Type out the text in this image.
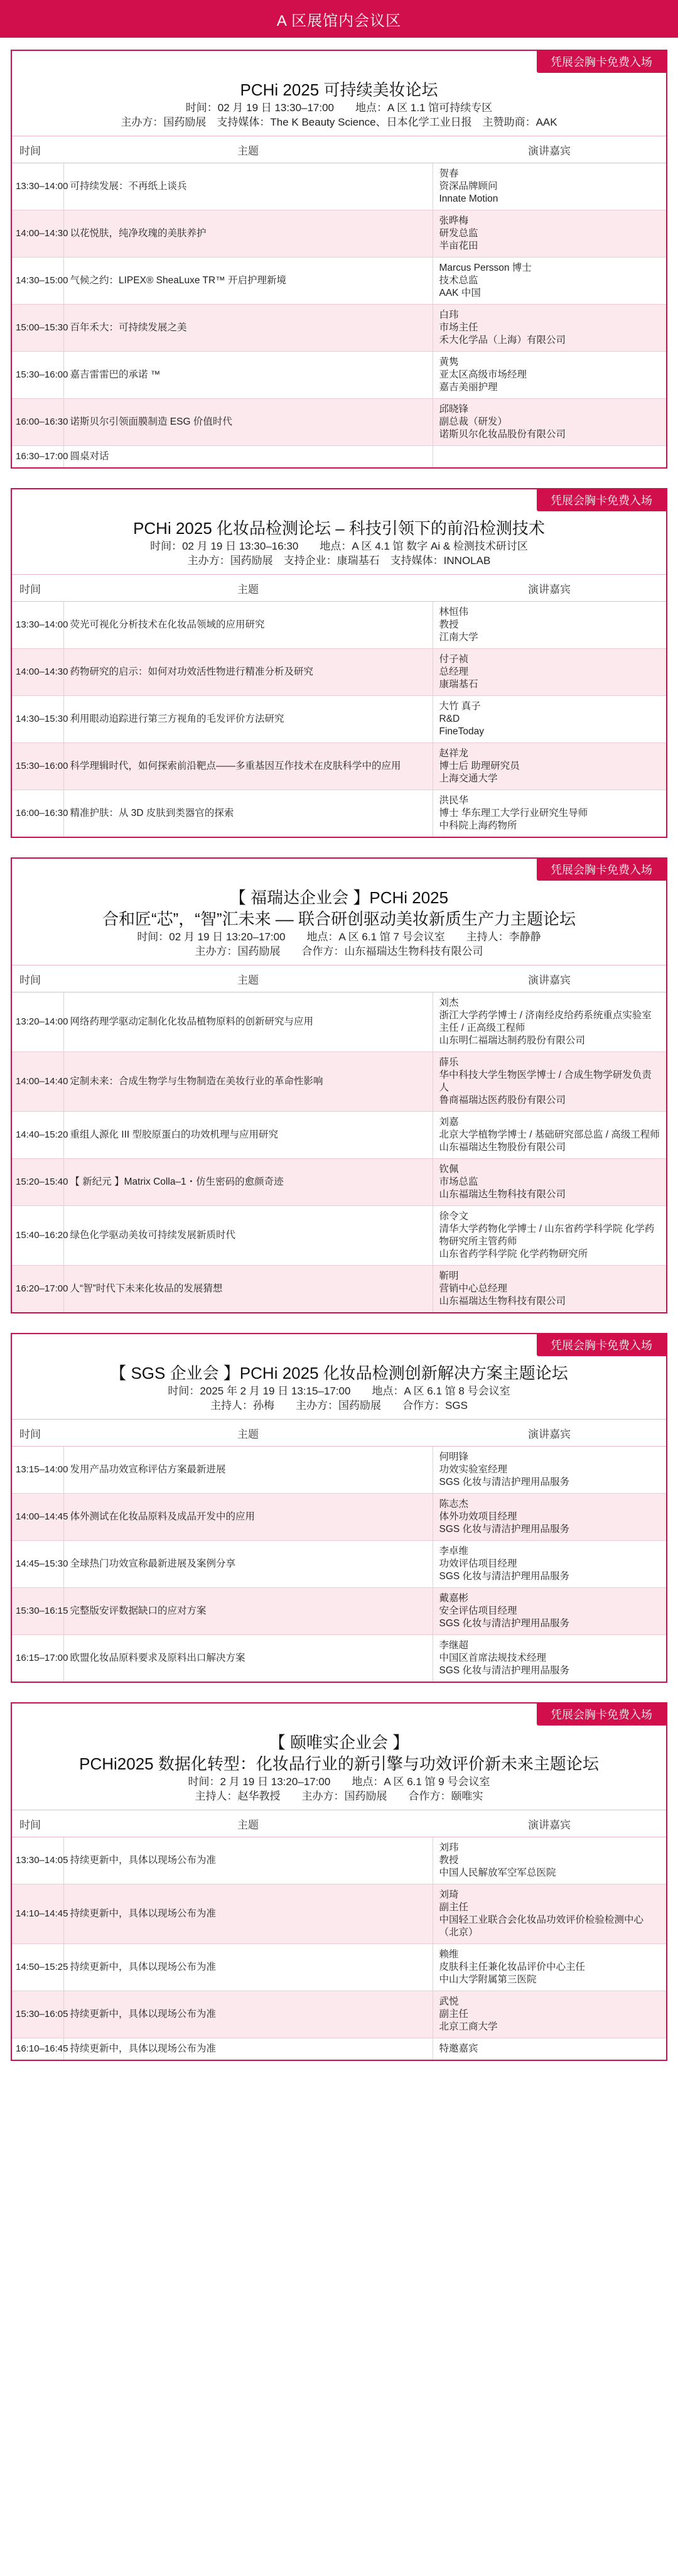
A 区展馆内会议区
凭展会胸卡免费入场
PCHi 2025 可持续美妆论坛
时间：02 月 19 日 13:30–17:00　　地点：A 区 1.1 馆可持续专区
主办方：国药励展　支持媒体：The K Beauty Science、日本化学工业日报　主赞助商：AAK
时间	主题	演讲嘉宾
13:30–14:00	可持续发展：不再纸上谈兵	贺春
资深品牌顾问
Innate Motion

14:00–14:30	以花悦肤，纯净玫瑰的美肤养护	张晔梅
研发总监
半亩花田

14:30–15:00	气候之约：LIPEX® SheaLuxe TR™ 开启护理新境	Marcus Persson 博士
技术总监
AAK 中国

15:00–15:30	百年禾大：可持续发展之美	白玮
市场主任
禾大化学品（上海）有限公司

15:30–16:00	嘉吉雷雷巴的承诺 ™	黄隽
亚太区高级市场经理
嘉吉美丽护理

16:00–16:30	诺斯贝尔引领面膜制造 ESG 价值时代	邱晓锋
副总裁（研发）
诺斯贝尔化妆品股份有限公司

16:30–17:00	圆桌对话	
凭展会胸卡免费入场
PCHi 2025 化妆品检测论坛 – 科技引领下的前沿检测技术
时间：02 月 19 日 13:30–16:30　　地点：A 区 4.1 馆 数字 Ai & 检测技术研讨区
主办方：国药励展　支持企业：康瑞基石　支持媒体：INNOLAB
时间	主题	演讲嘉宾
13:30–14:00	荧光可视化分析技术在化妆品领域的应用研究	林恒伟
教授
江南大学

14:00–14:30	药物研究的启示：如何对功效活性物进行精准分析及研究	付子祯
总经理
康瑞基石

14:30–15:30	利用眼动追踪进行第三方视角的毛发评价方法研究	大竹 真子
R&D
FineToday

15:30–16:00	科学理辑时代，如何探索前沿靶点——多重基因互作技术在皮肤科学中的应用	赵祥龙
博士后 助理研究员
上海交通大学

16:00–16:30	精准护肤：从 3D 皮肤到类器官的探索	洪民华
博士 华东理工大学行业研究生导师
中科院上海药物所
凭展会胸卡免费入场
【 福瑞达企业会 】PCHi 2025
合和匠“芯”，“智”汇未来 –– 联合研创驱动美妆新质生产力主题论坛
时间：02 月 19 日 13:20–17:00　　地点：A 区 6.1 馆 7 号会议室　　主持人：李静静
主办方：国药励展　　合作方：山东福瑞达生物科技有限公司
时间	主题	演讲嘉宾
13:20–14:00	网络药理学驱动定制化化妆品植物原料的创新研究与应用	刘杰
浙江大学药学博士 / 济南经皮给药系统重点实验室主任 / 正高级工程师
山东明仁福瑞达制药股份有限公司

14:00–14:40	定制未来：合成生物学与生物制造在美妆行业的革命性影响	薛乐
华中科技大学生物医学博士 / 合成生物学研发负责人
鲁商福瑞达医药股份有限公司

14:40–15:20	重组人源化 III 型胶原蛋白的功效机理与应用研究	刘嘉
北京大学植物学博士 / 基础研究部总监 / 高级工程师
山东福瑞达生物股份有限公司

15:20–15:40	【 新纪元 】Matrix Colla–1・仿生密码的愈颜奇迹	钦佩
市场总监
山东福瑞达生物科技有限公司

15:40–16:20	绿色化学驱动美妆可持续发展新质时代	徐令文
清华大学药物化学博士 / 山东省药学科学院 化学药物研究所主管药师
山东省药学科学院 化学药物研究所

16:20–17:00	人“智”时代下未来化妆品的发展猜想	靳明
营销中心总经理
山东福瑞达生物科技有限公司
凭展会胸卡免费入场
【 SGS 企业会 】PCHi 2025 化妆品检测创新解决方案主题论坛
时间：2025 年 2 月 19 日 13:15–17:00　　地点：A 区 6.1 馆 8 号会议室
主持人：孙梅　　主办方：国药励展　　合作方：SGS
时间	主题	演讲嘉宾
13:15–14:00	发用产品功效宣称评估方案最新进展	何明锋
功效实验室经理
SGS 化妆与清洁护理用品服务

14:00–14:45	体外测试在化妆品原料及成品开发中的应用	陈志杰
体外功效项目经理
SGS 化妆与清洁护理用品服务

14:45–15:30	全球热门功效宣称最新进展及案例分享	李卓维
功效评估项目经理
SGS 化妆与清洁护理用品服务

15:30–16:15	完整版安评数据缺口的应对方案	戴嘉彬
安全评估项目经理
SGS 化妆与清洁护理用品服务

16:15–17:00	欧盟化妆品原料要求及原料出口解决方案	李继超
中国区首席法规技术经理
SGS 化妆与清洁护理用品服务
凭展会胸卡免费入场
【 颐唯实企业会 】
PCHi2025 数据化转型：化妆品行业的新引擎与功效评价新未来主题论坛
时间：2 月 19 日 13:20–17:00　　地点：A 区 6.1 馆 9 号会议室
主持人：赵华教授　　主办方：国药励展　　合作方：颐唯实
时间	主题	演讲嘉宾
13:30–14:05	持续更新中，具体以现场公布为准	刘玮
教授
中国人民解放军空军总医院

14:10–14:45	持续更新中，具体以现场公布为准	刘琦
副主任
中国轻工业联合会化妆品功效评价检验检测中心（北京）

14:50–15:25	持续更新中，具体以现场公布为准	赖维
皮肤科主任兼化妆品评价中心主任
中山大学附属第三医院

15:30–16:05	持续更新中，具体以现场公布为准	武悦
副主任
北京工商大学

16:10–16:45	持续更新中，具体以现场公布为准	特邀嘉宾
